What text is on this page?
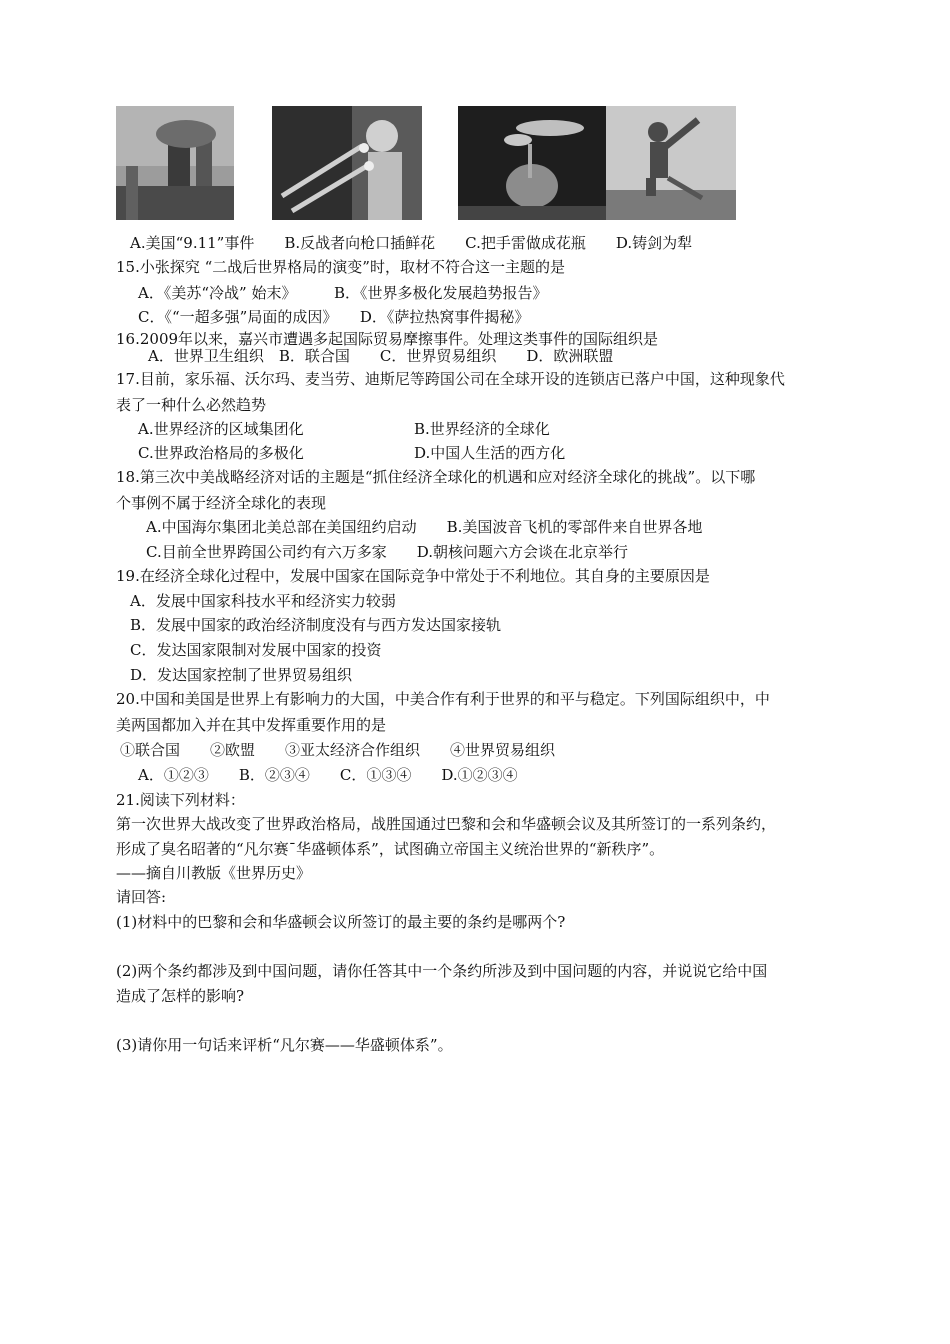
A.美国“9.11”事件　　B.反战者向枪口插鲜花　　C.把手雷做成花瓶　　D.铸剑为犁
15.小张探究 “二战后世界格局的演变”时，取材不符合这一主题的是
A．《美苏“冷战” 始末》　　　B．《世界多极化发展趋势报告》
C．《“一超多强”局面的成因》　　D．《萨拉热窝事件揭秘》
16.2009年以来，嘉兴市遭遇多起国际贸易摩擦事件。处理这类事件的国际组织是
A．世界卫生组织　B．联合国　　C．世界贸易组织　　D．欧洲联盟
17.目前，家乐福、沃尔玛、麦当劳、迪斯尼等跨国公司在全球开设的连锁店已落户中国，这种现象代
表了一种什么必然趋势
A.世界经济的区域集团化	B.世界经济的全球化
C.世界政治格局的多极化	D.中国人生活的西方化
18.第三次中美战略经济对话的主题是“抓住经济全球化的机遇和应对经济全球化的挑战”。以下哪
个事例不属于经济全球化的表现
A.中国海尔集团北美总部在美国纽约启动　　B.美国波音飞机的零部件来自世界各地
C.目前全世界跨国公司约有六万多家　　D.朝核问题六方会谈在北京举行
19.在经济全球化过程中，发展中国家在国际竞争中常处于不利地位。其自身的主要原因是
A．发展中国家科技水平和经济实力较弱
B．发展中国家的政治经济制度没有与西方发达国家接轨
C．发达国家限制对发展中国家的投资
D．发达国家控制了世界贸易组织
20.中国和美国是世界上有影响力的大国，中美合作有利于世界的和平与稳定。下列国际组织中，中
美两国都加入并在其中发挥重要作用的是
①联合国　　②欧盟　　③亚太经济合作组织　　④世界贸易组织
A．①②③　　B．②③④　　C．①③④　　D.①②③④
21.阅读下列材料：
第一次世界大战改变了世界政治格局，战胜国通过巴黎和会和华盛顿会议及其所签订的一系列条约，
形成了臭名昭著的“凡尔赛ˉ华盛顿体系”，试图确立帝国主义统治世界的“新秩序”。
——摘自川教版《世界历史》
请回答:
(1)材料中的巴黎和会和华盛顿会议所签订的最主要的条约是哪两个?
(2)两个条约都涉及到中国问题，请你任答其中一个条约所涉及到中国问题的内容，并说说它给中国
造成了怎样的影响?
(3)请你用一句话来评析“凡尔赛——华盛顿体系”。
